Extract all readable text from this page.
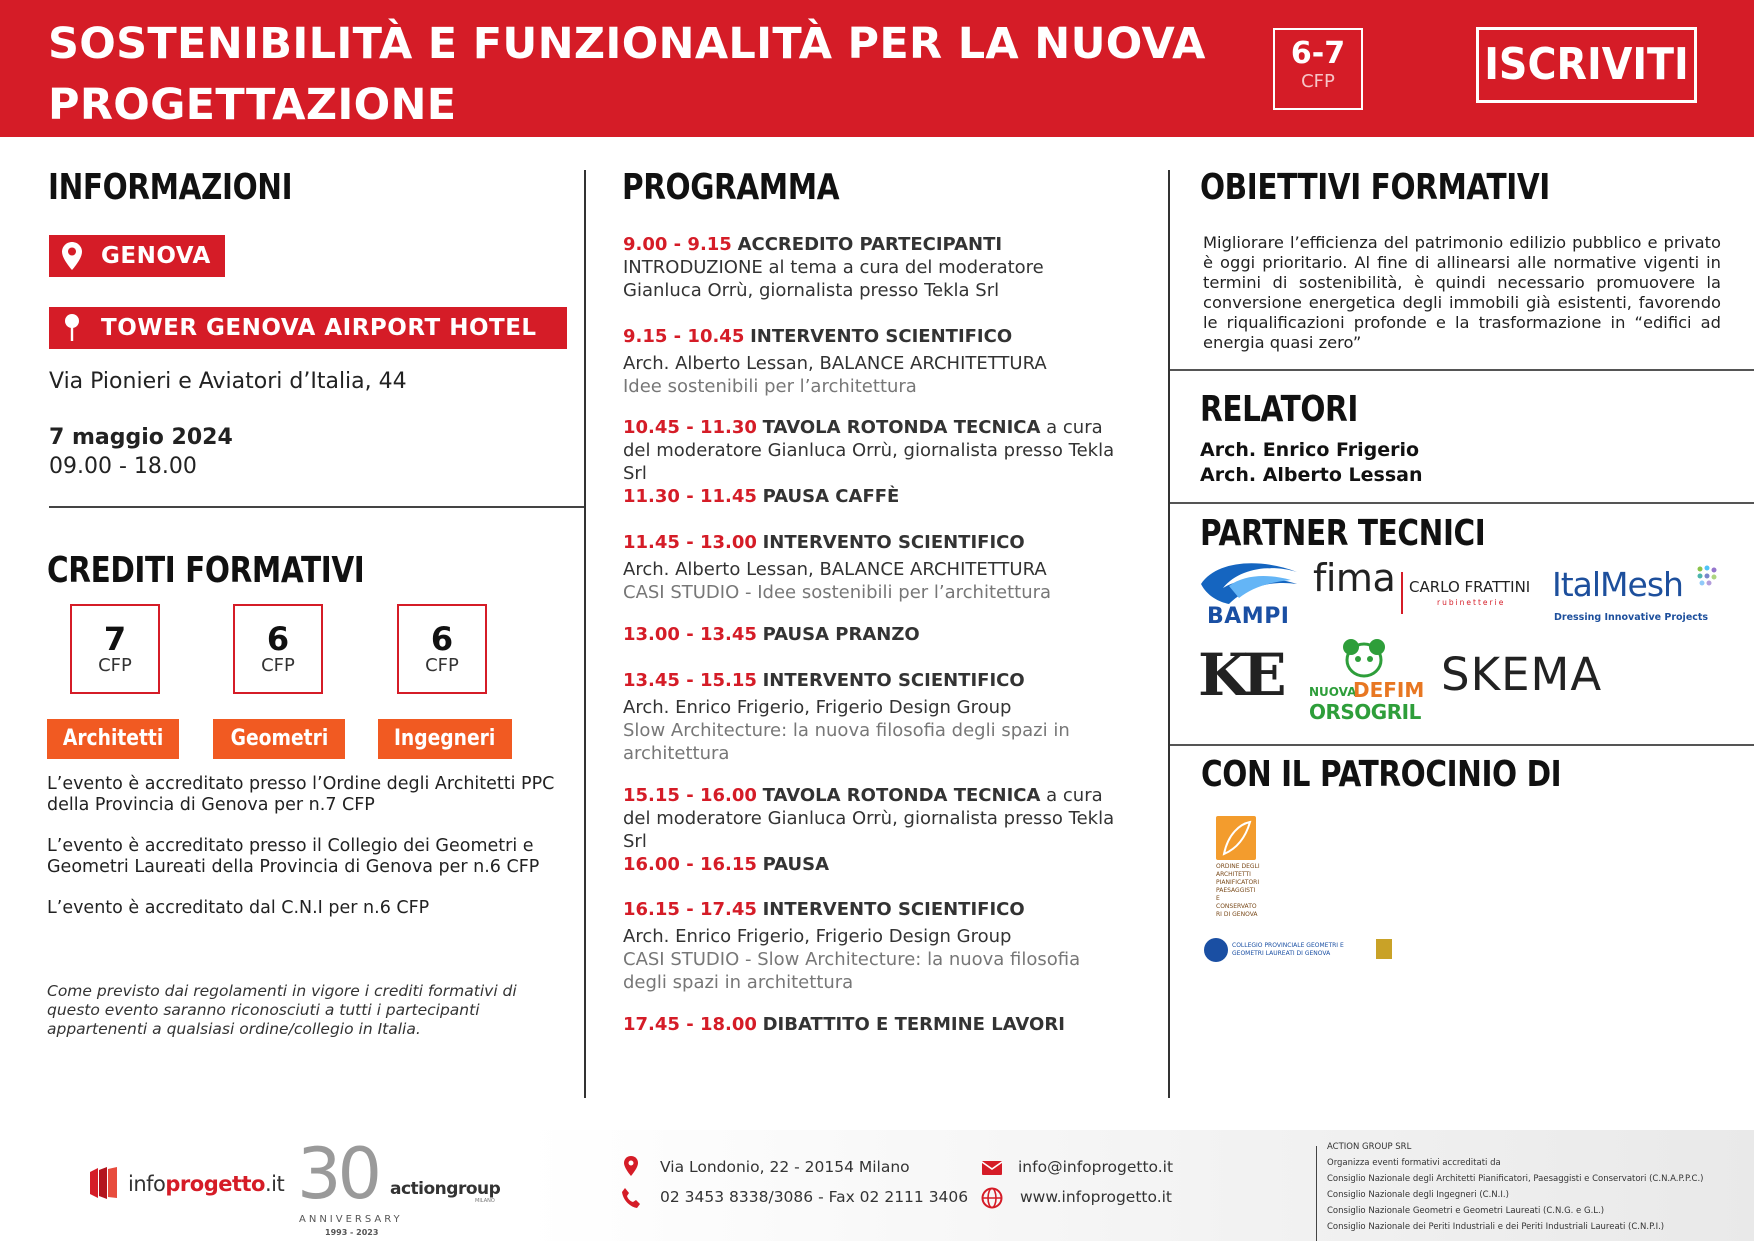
SOSTENIBILITÀ E FUNZIONALITÀ PER LA NUOVA PROGETTAZIONE
6-7
CFP	ISCRIVITI
INFORMAZIONI
GENOVA
TOWER GENOVA AIRPORT HOTEL
Via Pionieri e Aviatori d’Italia, 44
7 maggio 2024
09.00 - 18.00
CREDITI FORMATIVI
7
CFP
6
CFP
6
CFP
Architetti	Geometri	Ingegneri
L’evento è accreditato presso l’Ordine degli Architetti PPC della Provincia di Genova per n.7 CFP
L’evento è accreditato presso il Collegio dei Geometri e Geometri Laureati della Provincia di Genova per n.6 CFP
L’evento è accreditato dal C.N.I per n.6 CFP
Come previsto dai regolamenti in vigore i crediti formativi di questo evento saranno riconosciuti a tutti i partecipanti appartenenti a qualsiasi ordine/collegio in Italia.
PROGRAMMA
9.00 - 9.15 ACCREDITO PARTECIPANTI
INTRODUZIONE al tema a cura del moderatore Gianluca Orrù, giornalista presso Tekla Srl
9.15 - 10.45 INTERVENTO SCIENTIFICO
Arch. Alberto Lessan, BALANCE ARCHITETTURA
Idee sostenibili per l’architettura
10.45 - 11.30 TAVOLA ROTONDA TECNICA a cura del moderatore Gianluca Orrù, giornalista presso Tekla Srl
11.30 - 11.45 PAUSA CAFFÈ
11.45 - 13.00 INTERVENTO SCIENTIFICO
Arch. Alberto Lessan, BALANCE ARCHITETTURA
CASI STUDIO - Idee sostenibili per l’architettura
13.00 - 13.45 PAUSA PRANZO
13.45 - 15.15 INTERVENTO SCIENTIFICO
Arch. Enrico Frigerio, Frigerio Design Group
Slow Architecture: la nuova filosofia degli spazi in architettura
15.15 - 16.00 TAVOLA ROTONDA TECNICA a cura del moderatore Gianluca Orrù, giornalista presso Tekla Srl
16.00 - 16.15 PAUSA
16.15 - 17.45 INTERVENTO SCIENTIFICO
Arch. Enrico Frigerio, Frigerio Design Group
CASI STUDIO - Slow Architecture: la nuova filosofia degli spazi in architettura
17.45 - 18.00 DIBATTITO E TERMINE LAVORI
OBIETTIVI FORMATIVI
Migliorare l’efficienza del patrimonio edilizio pubblico e privato è oggi prioritario. Al fine di allinearsi alle normative vigenti in termini di sostenibilità, è quindi necessario promuovere la conversione energetica degli immobili già esistenti, favorendo le riqualificazioni profonde e la trasformazione in “edifici ad energia quasi zero”
RELATORI
Arch. Enrico Frigerio
Arch. Alberto Lessan
PARTNER TECNICI
BAMPI
fima CARLO FRATTINI
rubinetterie ItalMesh
Dressing Innovative Projects
KE NUOVA
DEFIM
ORSOGRIL
SKEMA
CON IL PATROCINIO DI
ORDINE DEGLI ARCHITETTI PIANIFICATORI PAESAGGISTI E CONSERVATORI DI GENOVA
COLLEGIO PROVINCIALE GEOMETRI E GEOMETRI LAUREATI DI GENOVA
infoprogetto.it 30
ANNIVERSARY
1993 - 2023
actiongroup
MILANO
Via Londonio, 22 - 20154 Milano
02 3453 8338/3086 - Fax 02 2111 3406
info@infoprogetto.it
www.infoprogetto.it
ACTION GROUP SRL
Organizza eventi formativi accreditati da
Consiglio Nazionale degli Architetti Pianificatori, Paesaggisti e Conservatori (C.N.A.P.P.C.)
Consiglio Nazionale degli Ingegneri (C.N.I.)
Consiglio Nazionale Geometri e Geometri Laureati (C.N.G. e G.L.)
Consiglio Nazionale dei Periti Industriali e dei Periti Industriali Laureati (C.N.P.I.)
